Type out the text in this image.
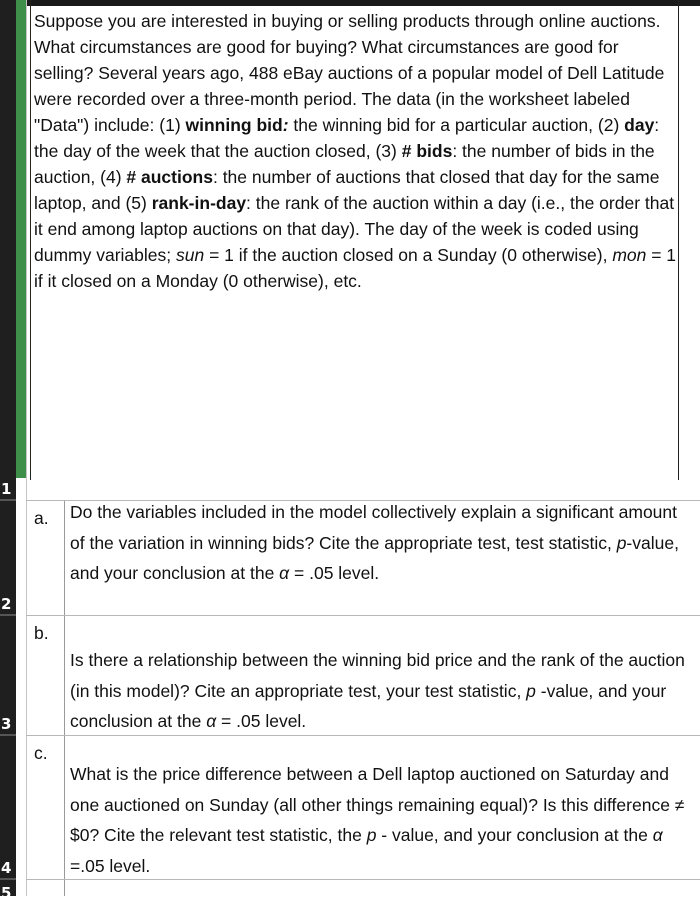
1
2
3
4
5
Suppose you are interested in buying or selling products through online auctions. What circumstances are good for buying? What circumstances are good for selling? Several years ago, 488 eBay auctions of a popular model of Dell Latitude were recorded over a three-month period. The data (in the worksheet labeled "Data") include: (1) winning bid: the winning bid for a particular auction, (2) day: the day of the week that the auction closed, (3) # bids: the number of bids in the auction, (4) # auctions: the number of auctions that closed that day for the same laptop, and (5) rank-in-day: the rank of the auction within a day (i.e., the order that it end among laptop auctions on that day). The day of the week is coded using dummy variables; sun = 1 if the auction closed on a Sunday (0 otherwise), mon = 1 if it closed on a Monday (0 otherwise), etc.
a. Do the variables included in the model collectively explain a significant amount of the variation in winning bids? Cite the appropriate test, test statistic, p-value, and your conclusion at the α = .05 level.
b.
Is there a relationship between the winning bid price and the rank of the auction (in this model)? Cite an appropriate test, your test statistic, p -value, and your conclusion at the α = .05 level.
c.
What is the price difference between a Dell laptop auctioned on Saturday and one auctioned on Sunday (all other things remaining equal)? Is this difference ≠ $0? Cite the relevant test statistic, the p - value, and your conclusion at the α =.05 level.
